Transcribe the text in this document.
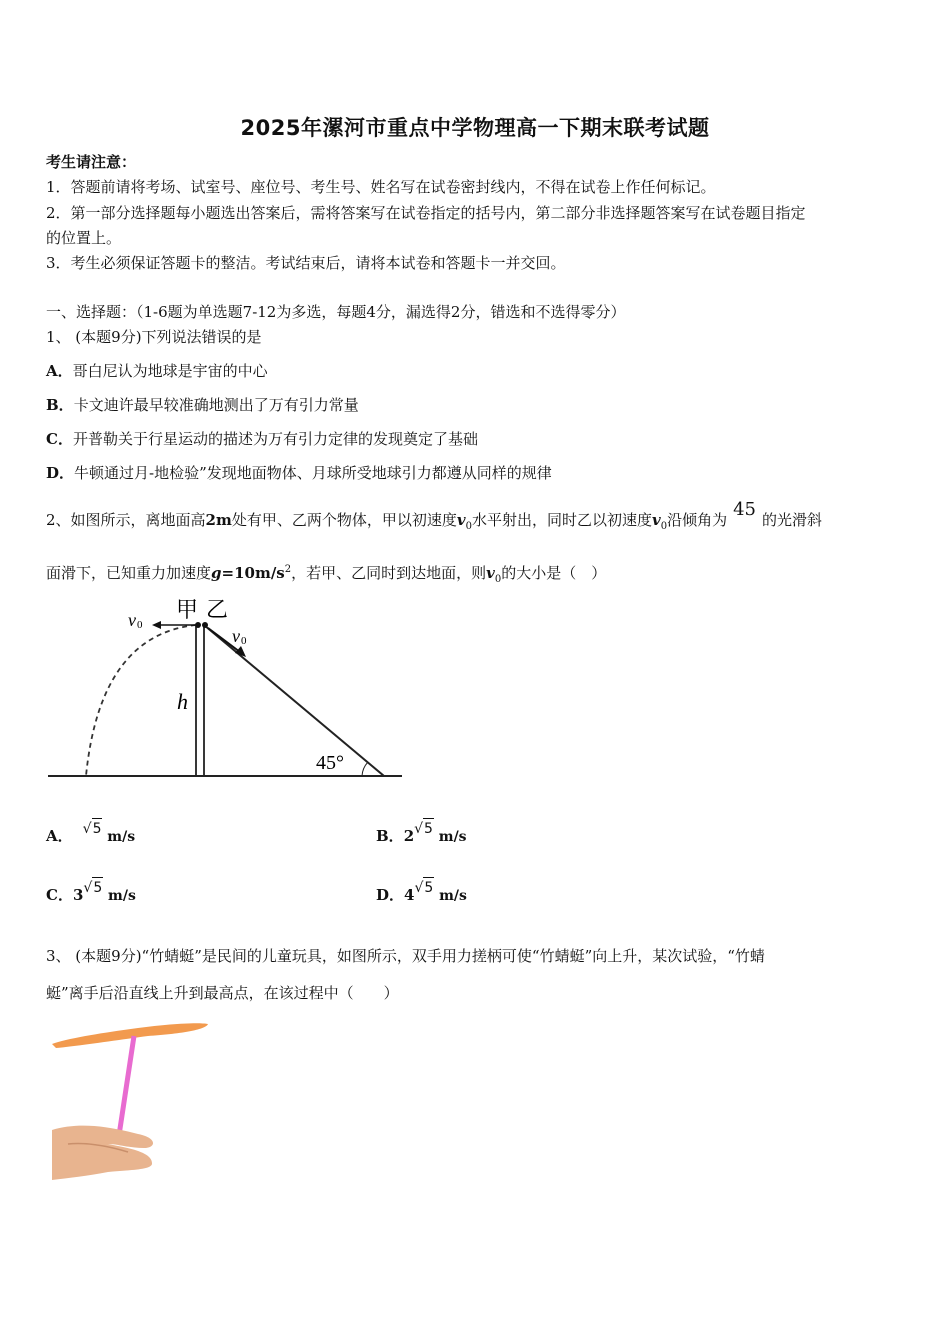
2025年漯河市重点中学物理高一下期末联考试题
考生请注意：
1．答题前请将考场、试室号、座位号、考生号、姓名写在试卷密封线内，不得在试卷上作任何标记。
2．第一部分选择题每小题选出答案后，需将答案写在试卷指定的括号内，第二部分非选择题答案写在试卷题目指定
的位置上。
3．考生必须保证答题卡的整洁。考试结束后，请将本试卷和答题卡一并交回。
一、选择题：（1-6题为单选题7-12为多选，每题4分，漏选得2分，错选和不选得零分）
1、 (本题9分)下列说法错误的是
A．哥白尼认为地球是宇宙的中心
B．卡文迪许最早较准确地测出了万有引力常量
C．开普勒关于行星运动的描述为万有引力定律的发现奠定了基础
D．牛顿通过月-地检验”发现地面物体、月球所受地球引力都遵从同样的规律
2、如图所示，离地面高2m处有甲、乙两个物体，甲以初速度$v_0$水平射出，同时乙以初速度$v_0$沿倾角为 45 的光滑斜
面滑下，已知重力加速度$g=10m/s^2$，若甲、乙同时到达地面，则$v_0$的大小是（　）
甲 乙
v 0
v 0
h
45°
A． √5 m/s	B．2√5 m/s
C．3√5 m/s	D．4√5 m/s
3、 (本题9分)“竹蜻蜓”是民间的儿童玩具，如图所示，双手用力搓柄可使“竹蜻蜓”向上升，某次试验，“竹蜻
蜓”离手后沿直线上升到最高点，在该过程中（　　）
